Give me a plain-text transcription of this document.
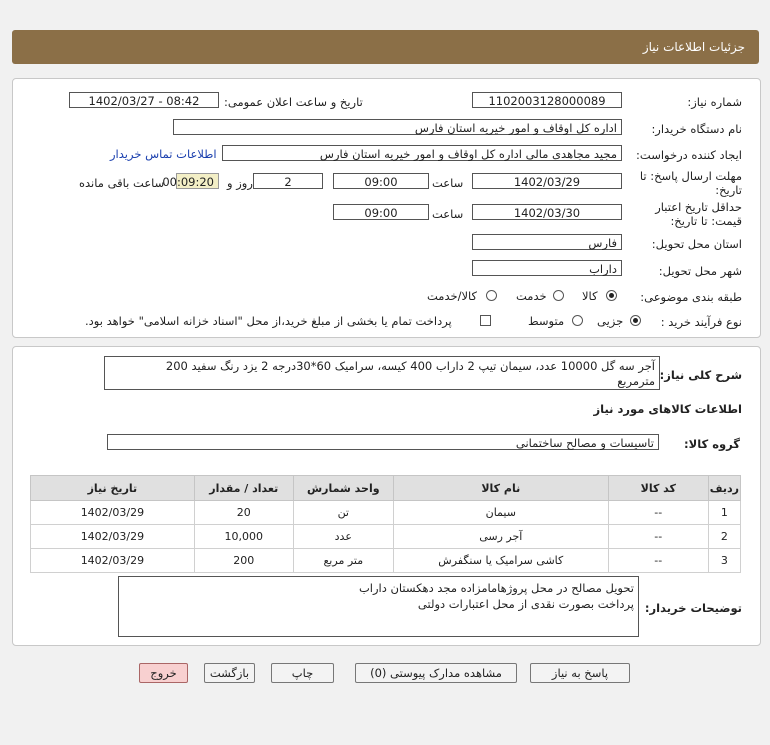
جزئیات اطلاعات نیاز
شماره نیاز:
1102003128000089
تاریخ و ساعت اعلان عمومی:
1402/03/27 - 08:42
نام دستگاه خریدار:
اداره کل اوقاف و امور خیریه استان فارس
ایجاد کننده درخواست:
مجید مجاهدی مالی اداره کل اوقاف و امور خیریه استان فارس
اطلاعات تماس خریدار
مهلت ارسال پاسخ: تا
تاریخ:
1402/03/29
ساعت
09:00
2
روز و
00:09:20
ساعت باقی مانده
حداقل تاریخ اعتبار
قیمت: تا تاریخ:
1402/03/30
ساعت
09:00
استان محل تحویل:
فارس
شهر محل تحویل:
داراب
طبقه بندی موضوعی:
کالا
خدمت
کالا/خدمت
نوع فرآیند خرید :
جزیی
متوسط
پرداخت تمام یا بخشی از مبلغ خرید،از محل "اسناد خزانه اسلامی" خواهد بود.
شرح کلی نیاز:
آجر سه گل 10000 عدد، سیمان تیپ 2 داراب 400 کیسه، سرامیک 60*30درجه 2 یزد رنگ سفید 200
مترمربع
اطلاعات کالاهای مورد نیاز
گروه کالا:
تاسیسات و مصالح ساختمانی
ردیف	کد کالا	نام کالا	واحد شمارش	تعداد / مقدار	تاریخ نیاز
1	--	سیمان	تن	20	1402/03/29
2	--	آجر رسی	عدد	10,000	1402/03/29
3	--	کاشی سرامیک یا سنگفرش	متر مربع	200	1402/03/29
توضیحات خریدار:
تحویل مصالح در محل پروژهامامزاده مجد دهکستان داراب
پرداخت بصورت نقدی از محل اعتبارات دولتی
پاسخ به نیاز
مشاهده مدارک پیوستی (0)
چاپ
بازگشت
خروج
